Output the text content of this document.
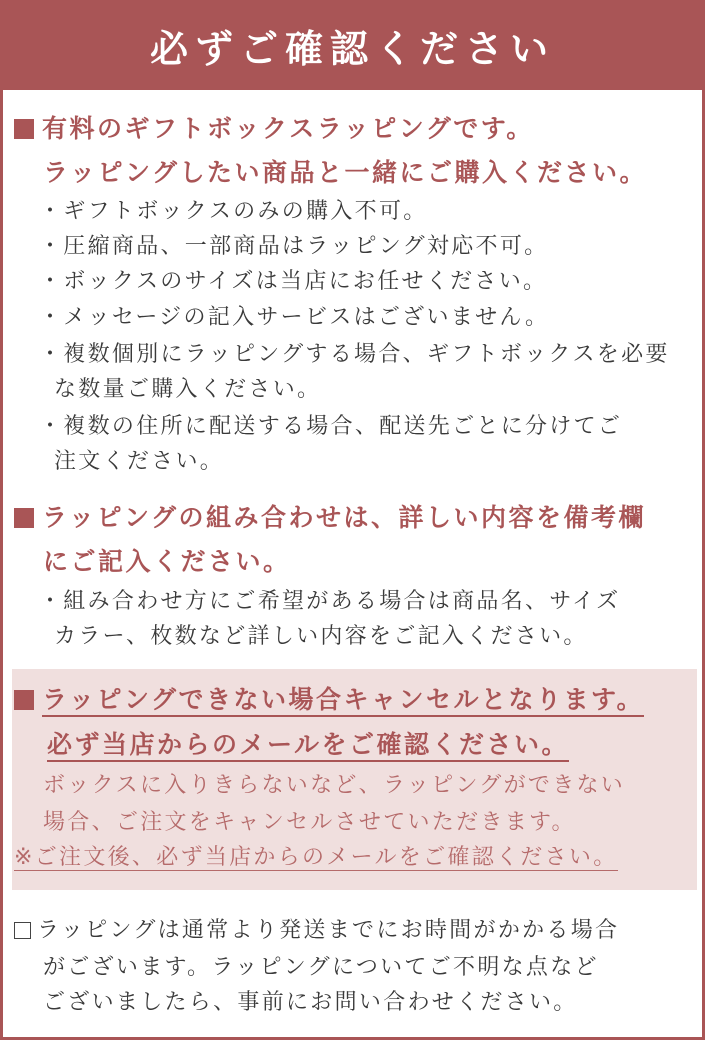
必ずご確認ください
有料のギフトボックスラッピングです。
ラッピングしたい商品と一緒にご購入ください。
・ギフトボックスのみの購入不可。
・圧縮商品、一部商品はラッピング対応不可。
・ボックスのサイズは当店にお任せください。
・メッセージの記入サービスはございません。
・複数個別にラッピングする場合、ギフトボックスを必要
な数量ご購入ください。
・複数の住所に配送する場合、配送先ごとに分けてご
注文ください。
ラッピングの組み合わせは、詳しい内容を備考欄
にご記入ください。
・組み合わせ方にご希望がある場合は商品名、サイズ
カラー、枚数など詳しい内容をご記入ください。
ラッピングできない場合キャンセルとなります。
必ず当店からのメールをご確認ください。
ボックスに入りきらないなど、ラッピングができない
場合、ご注文をキャンセルさせていただきます。
※ご注文後、必ず当店からのメールをご確認ください。
ラッピングは通常より発送までにお時間がかかる場合
がございます。ラッピングについてご不明な点など
ございましたら、事前にお問い合わせください。
